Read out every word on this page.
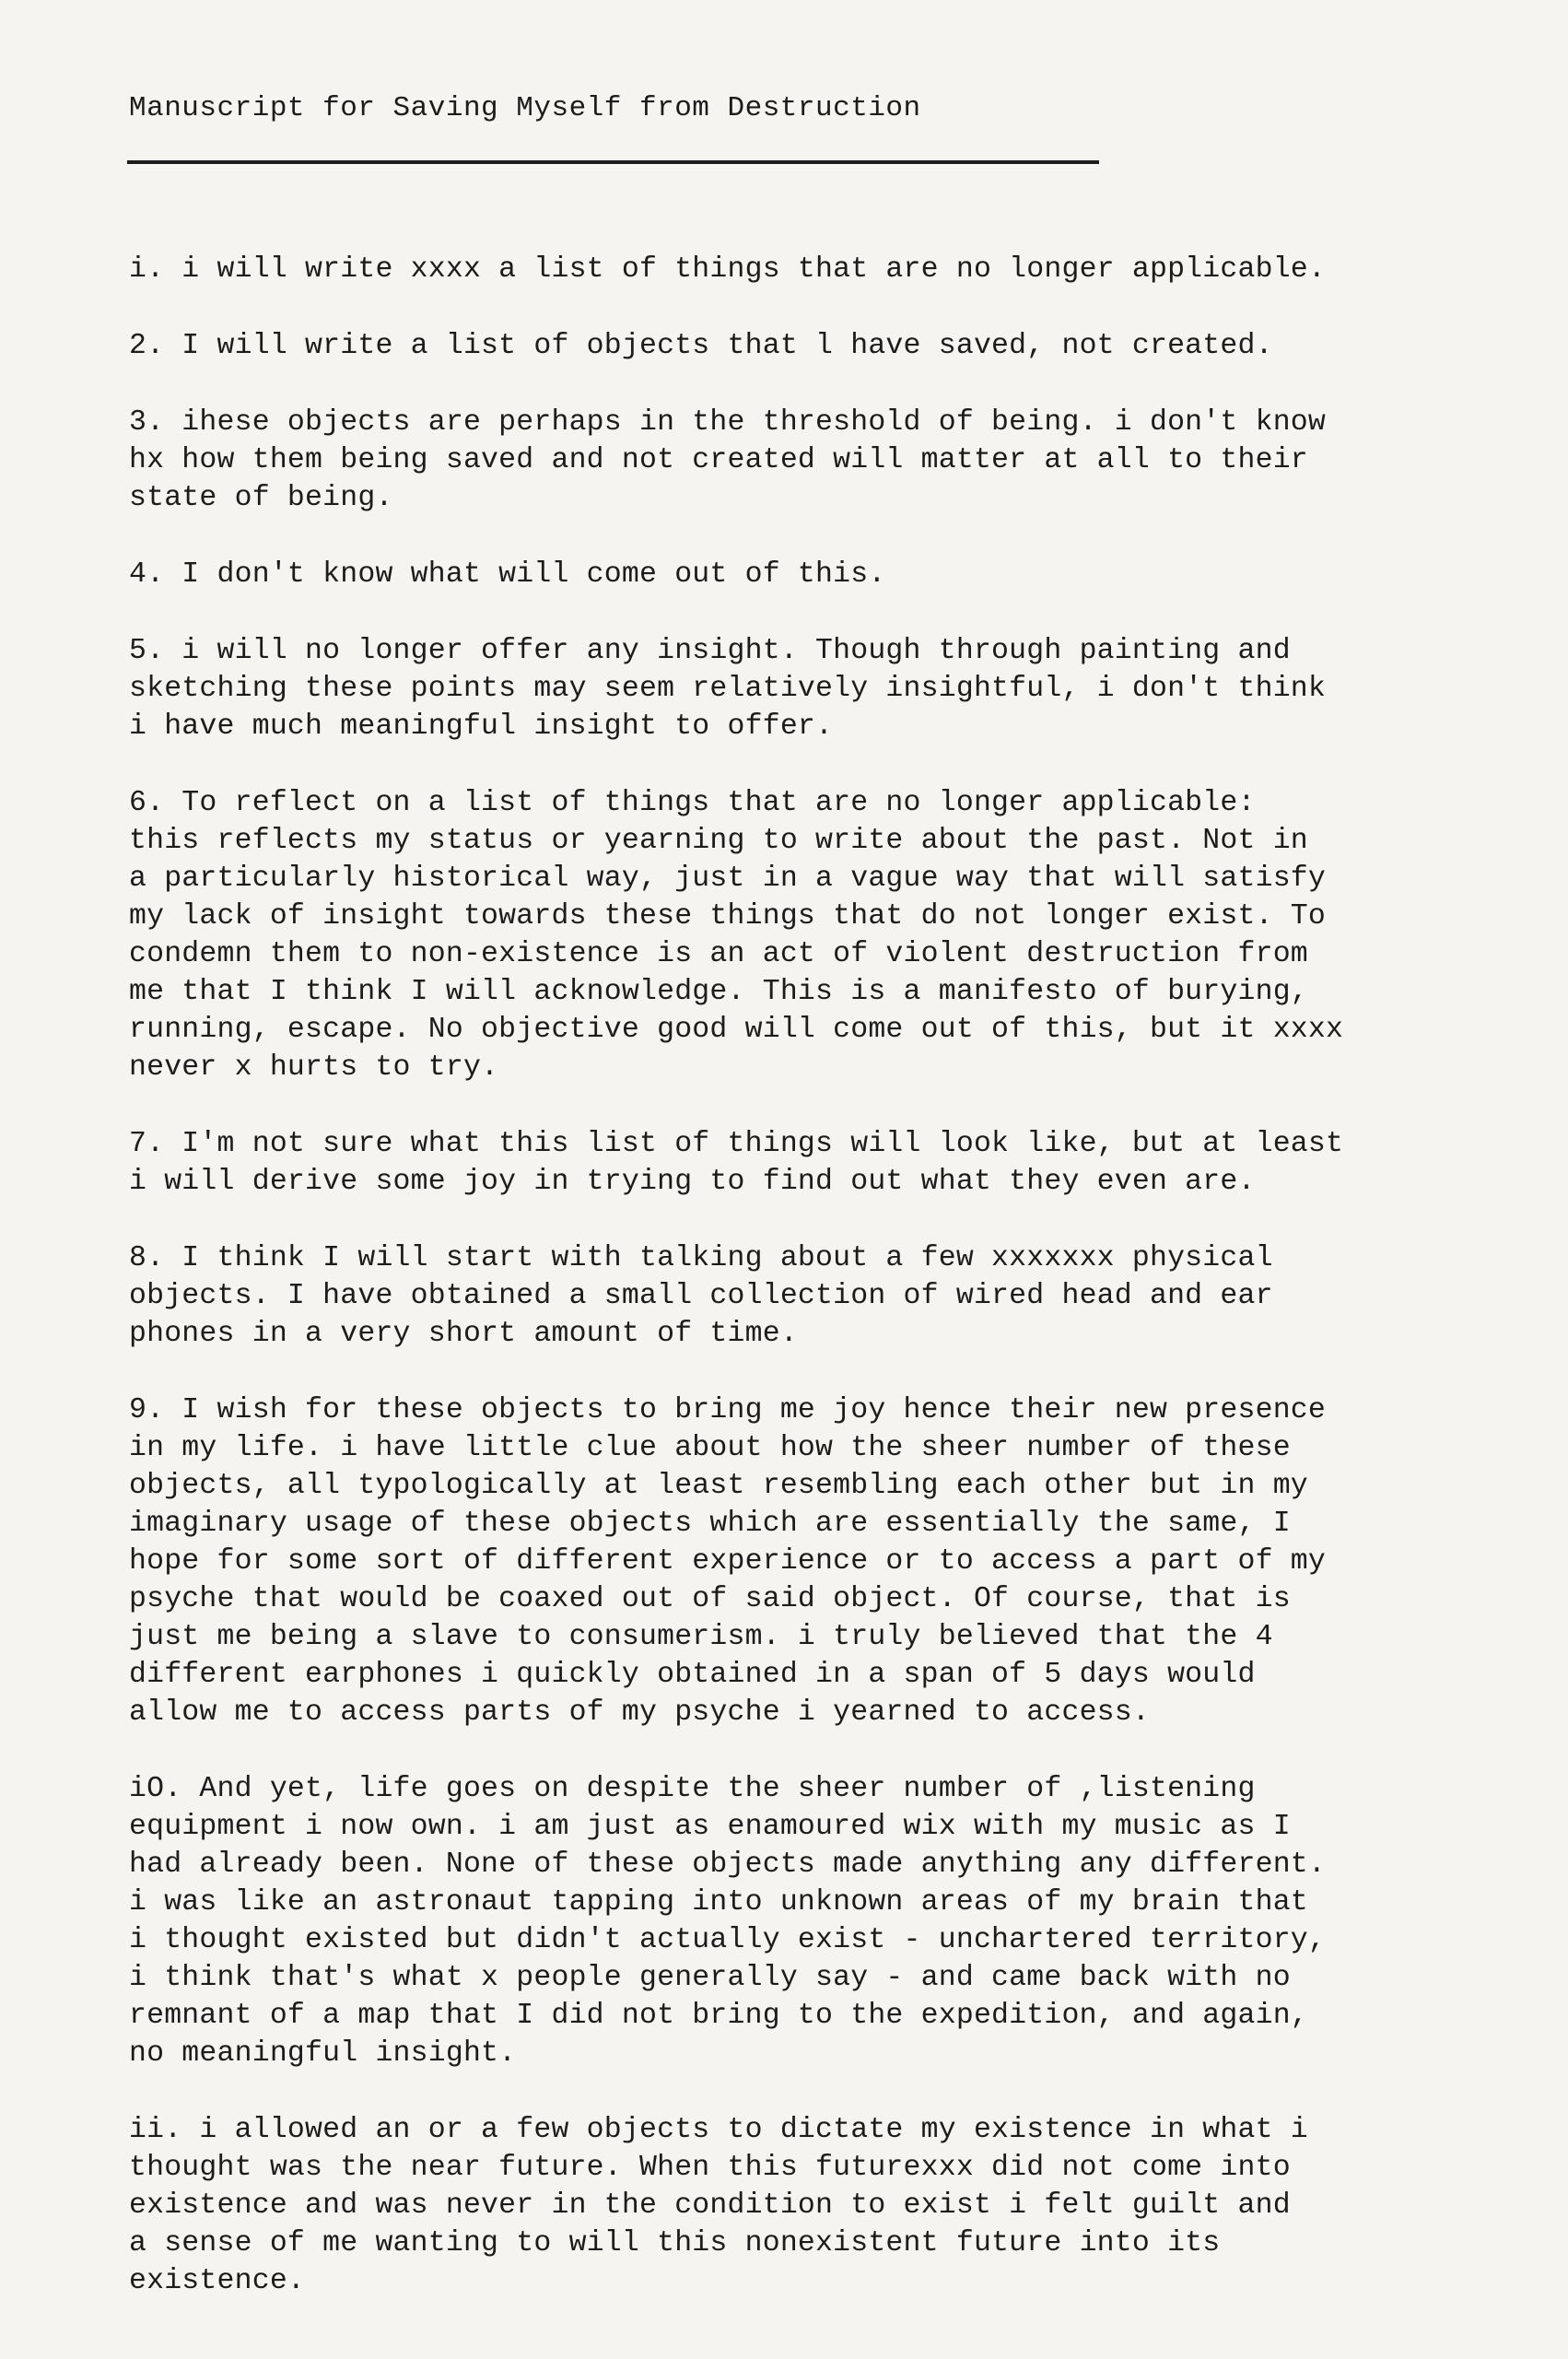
Manuscript for Saving Myself from Destruction
i. i will write xxxx a list of things that are no longer applicable.
2. I will write a list of objects that l have saved, not created.
3. ihese objects are perhaps in the threshold of being. i don't know
hx how them being saved and not created will matter at all to their
state of being.
4. I don't know what will come out of this.
5. i will no longer offer any insight. Though through painting and
sketching these points may seem relatively insightful, i don't think
i have much meaningful insight to offer.
6. To reflect on a list of things that are no longer applicable:
this reflects my status or yearning to write about the past. Not in
a particularly historical way, just in a vague way that will satisfy
my lack of insight towards these things that do not longer exist. To
condemn them to non-existence is an act of violent destruction from
me that I think I will acknowledge. This is a manifesto of burying,
running, escape. No objective good will come out of this, but it xxxx
never x hurts to try.
7. I'm not sure what this list of things will look like, but at least
i will derive some joy in trying to find out what they even are.
8. I think I will start with talking about a few xxxxxxx physical
objects. I have obtained a small collection of wired head and ear
phones in a very short amount of time.
9. I wish for these objects to bring me joy hence their new presence
in my life. i have little clue about how the sheer number of these
objects, all typologically at least resembling each other but in my
imaginary usage of these objects which are essentially the same, I
hope for some sort of different experience or to access a part of my
psyche that would be coaxed out of said object. Of course, that is
just me being a slave to consumerism. i truly believed that the 4
different earphones i quickly obtained in a span of 5 days would
allow me to access parts of my psyche i yearned to access.
iO. And yet, life goes on despite the sheer number of ,listening
equipment i now own. i am just as enamoured wix with my music as I
had already been. None of these objects made anything any different.
i was like an astronaut tapping into unknown areas of my brain that
i thought existed but didn't actually exist - unchartered territory,
i think that's what x people generally say - and came back with no
remnant of a map that I did not bring to the expedition, and again,
no meaningful insight.
ii. i allowed an or a few objects to dictate my existence in what i
thought was the near future. When this futurexxx did not come into
existence and was never in the condition to exist i felt guilt and
a sense of me wanting to will this nonexistent future into its
existence.
